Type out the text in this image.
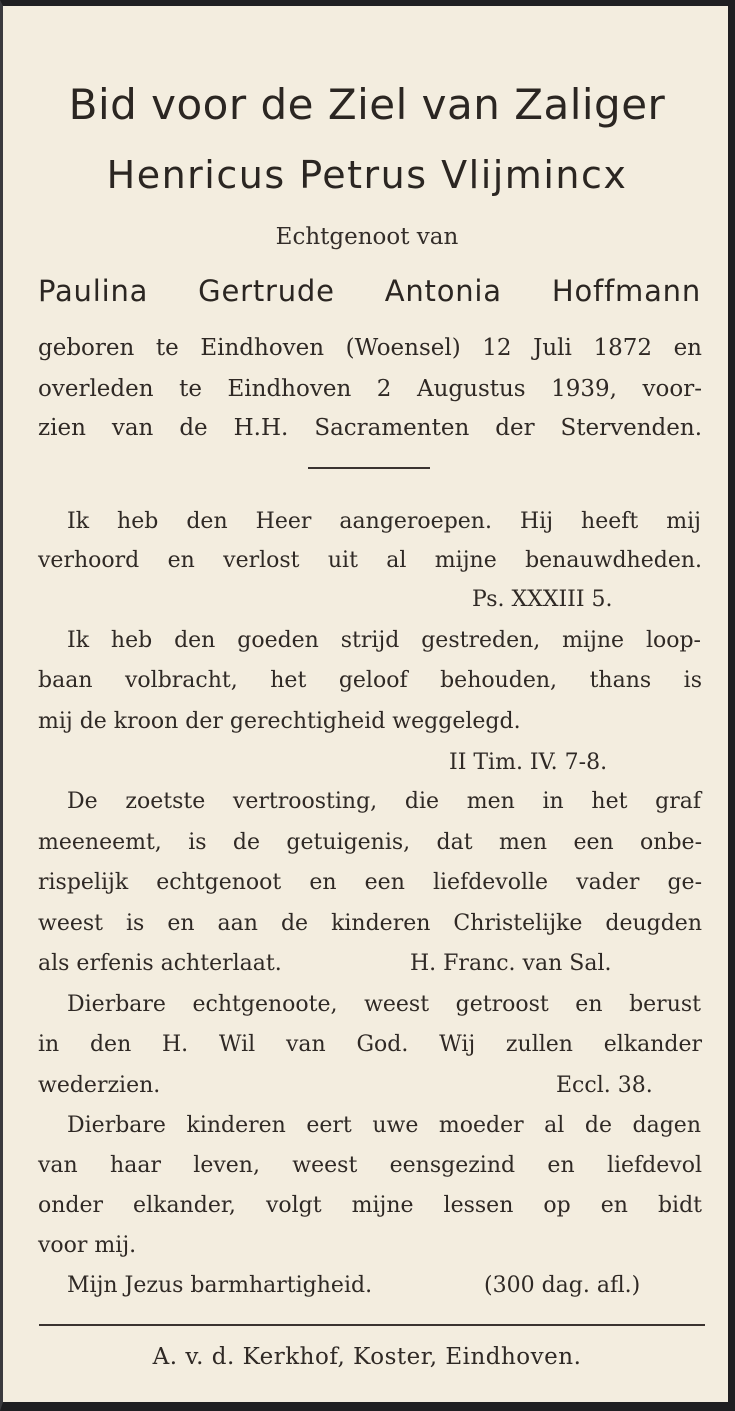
Bid voor de Ziel van Zaliger

Henricus Petrus Vlijmincx

Echtgenoot van

Paulina Gertrude Antonia Hoffmann

geboren te Eindhoven (Woensel) 12 Juli 1872 en

overleden te Eindhoven 2 Augustus 1939, voor-

zien van de H.H. Sacramenten der Stervenden.

Ik heb den Heer aangeroepen. Hij heeft mij

verhoord en verlost uit al mijne benauwdheden.

Ps. XXXIII 5.

Ik heb den goeden strijd gestreden, mijne loop-

baan volbracht, het geloof behouden, thans is

mij de kroon der gerechtigheid weggelegd.

II Tim. IV. 7-8.

De zoetste vertroosting, die men in het graf

meeneemt, is de getuigenis, dat men een onbe-

rispelijk echtgenoot en een liefdevolle vader ge-

weest is en aan de kinderen Christelijke deugden

als erfenis achterlaat.	H. Franc. van Sal.

Dierbare echtgenoote, weest getroost en berust

in den H. Wil van God. Wij zullen elkander

wederzien.	Eccl. 38.

Dierbare kinderen eert uwe moeder al de dagen

van haar leven, weest eensgezind en liefdevol

onder elkander, volgt mijne lessen op en bidt

voor mij.

Mijn Jezus barmhartigheid.	(300 dag. afl.)

A. v. d. Kerkhof, Koster, Eindhoven.
